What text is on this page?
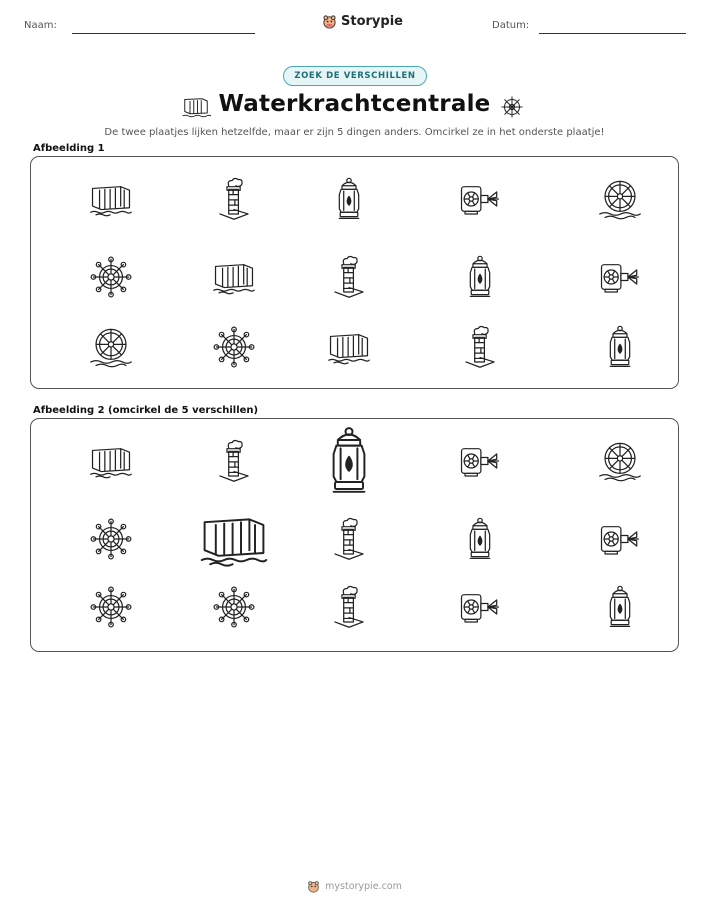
Naam:	Storypie	Datum:
ZOEK DE VERSCHILLEN
Waterkrachtcentrale
De twee plaatjes lijken hetzelfde, maar er zijn 5 dingen anders. Omcirkel ze in het onderste plaatje!
Afbeelding 1
Afbeelding 2 (omcirkel de 5 verschillen)
mystorypie.com
